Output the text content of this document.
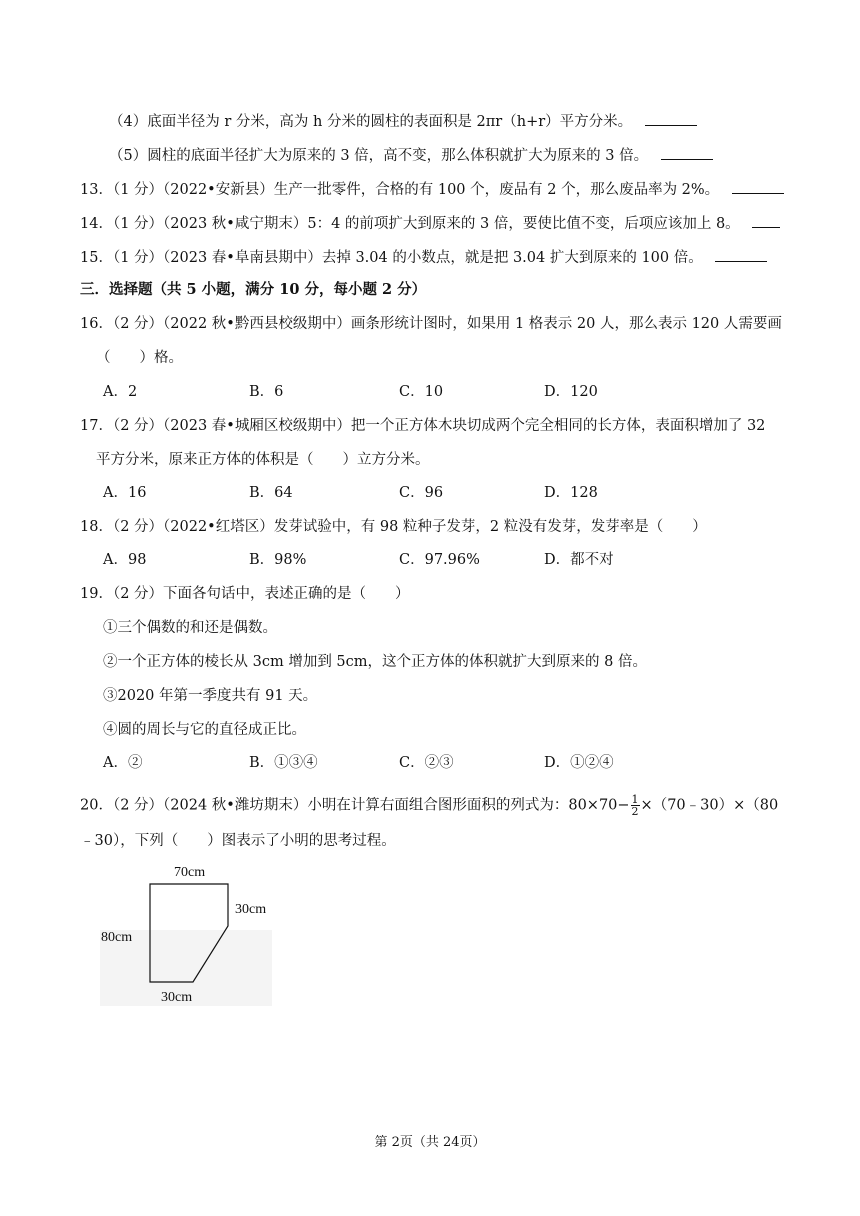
（4）底面半径为 r 分米，高为 h 分米的圆柱的表面积是 2πr（h+r）平方分米。
（5）圆柱的底面半径扩大为原来的 3 倍，高不变，那么体积就扩大为原来的 3 倍。
13．（1 分）（2022•安新县）生产一批零件，合格的有 100 个，废品有 2 个，那么废品率为 2%。
14．（1 分）（2023 秋•咸宁期末）5：4 的前项扩大到原来的 3 倍，要使比值不变，后项应该加上 8。
15．（1 分）（2023 春•阜南县期中）去掉 3.04 的小数点，就是把 3.04 扩大到原来的 100 倍。
三．选择题（共 5 小题，满分 10 分，每小题 2 分）
16．（2 分）（2022 秋•黔西县校级期中）画条形统计图时，如果用 1 格表示 20 人，那么表示 120 人需要画
（　　）格。
A．2	B．6	C．10	D．120
17．（2 分）（2023 春•城厢区校级期中）把一个正方体木块切成两个完全相同的长方体，表面积增加了 32
平方分米，原来正方体的体积是（　　）立方分米。
A．16	B．64	C．96	D．128
18．（2 分）（2022•红塔区）发芽试验中，有 98 粒种子发芽，2 粒没有发芽，发芽率是（　　）
A．98	B．98%	C．97.96%	D．都不对
19．（2 分）下面各句话中，表述正确的是（　　）
①三个偶数的和还是偶数。
②一个正方体的棱长从 3cm 增加到 5cm，这个正方体的体积就扩大到原来的 8 倍。
③2020 年第一季度共有 91 天。
④圆的周长与它的直径成正比。
A．②	B．①③④	C．②③	D．①②④
20．（2 分）（2024 秋•潍坊期末）小明在计算右面组合图形面积的列式为：$80\times 70- \frac{1}{2}$ ×（70﹣30）×（80
﹣30），下列（　　）图表示了小明的思考过程。
70cm
30cm
80cm
30cm
第 2页（共 24页）
